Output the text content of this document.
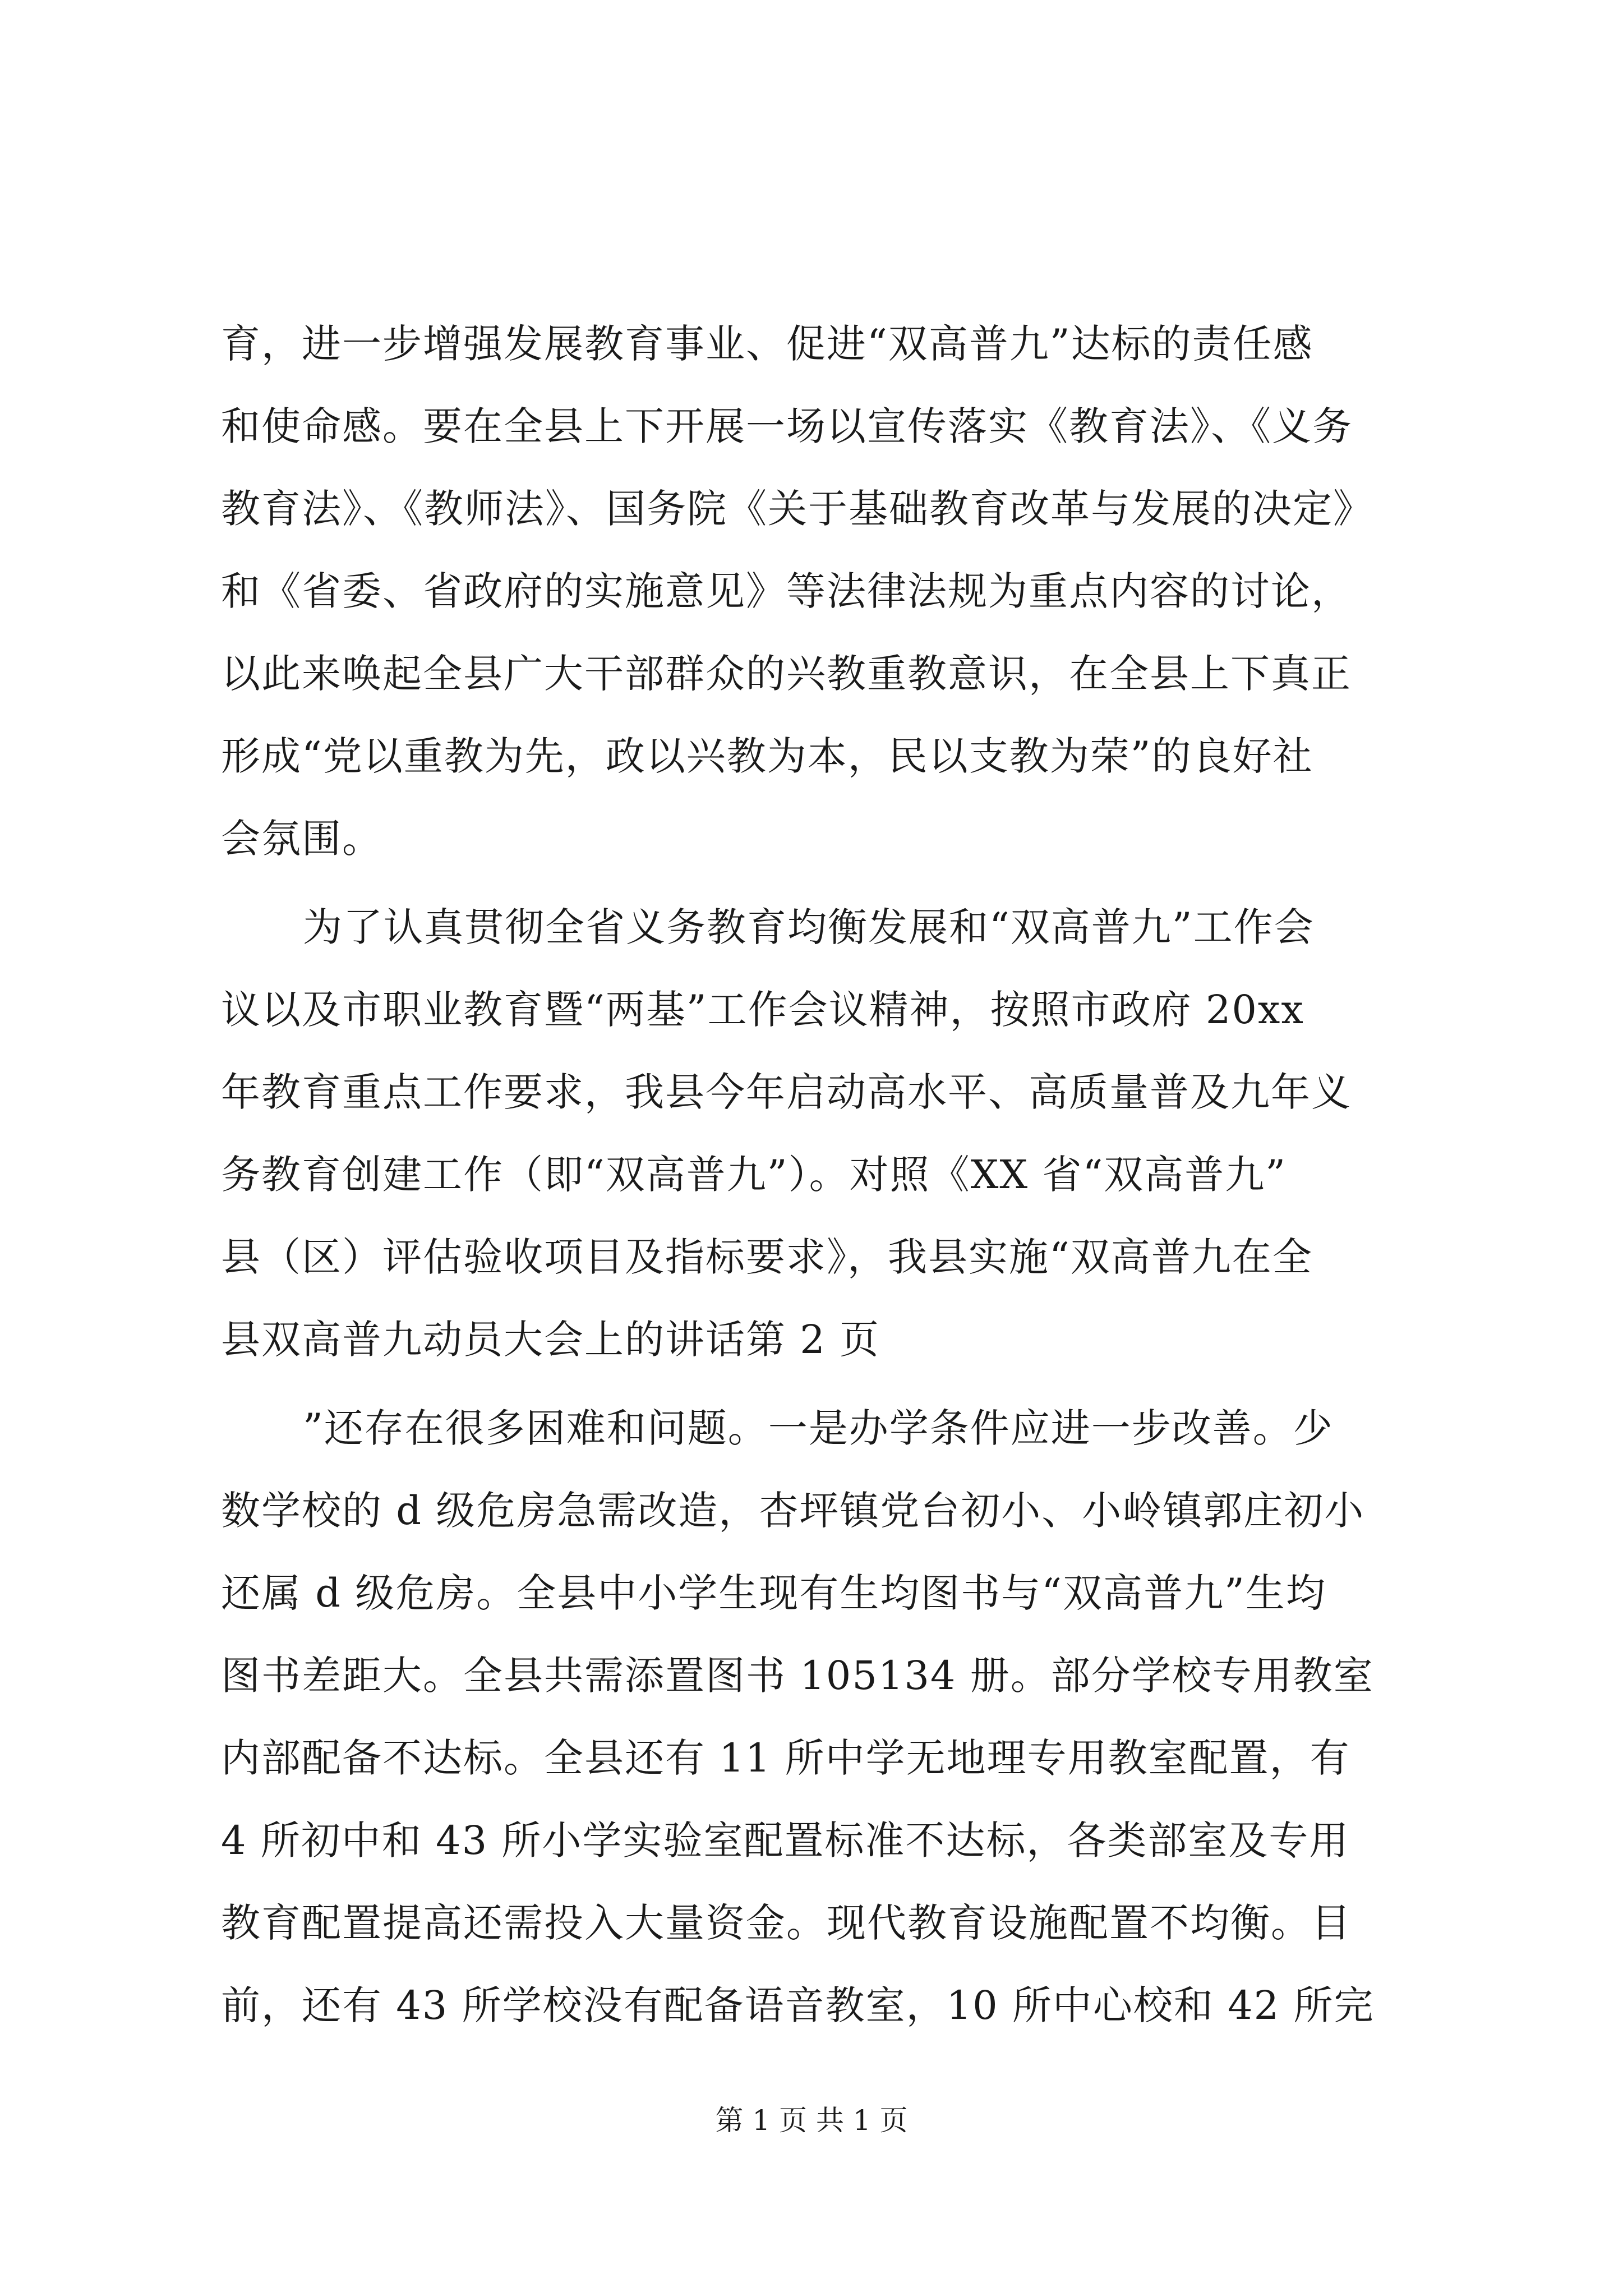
育，进一步增强发展教育事业、促进“双高普九”达标的责任感
和使命感。要在全县上下开展一场以宣传落实《教育法》、《义务
教育法》、《教师法》、国务院《关于基础教育改革与发展的决定》
和《省委、省政府的实施意见》等法律法规为重点内容的讨论，
以此来唤起全县广大干部群众的兴教重教意识，在全县上下真正
形成“党以重教为先，政以兴教为本，民以支教为荣”的良好社
会氛围。
为了认真贯彻全省义务教育均衡发展和“双高普九”工作会
议以及市职业教育暨“两基”工作会议精神，按照市政府 20xx
年教育重点工作要求，我县今年启动高水平、高质量普及九年义
务教育创建工作（即“双高普九”）。对照《XX 省“双高普九”
县（区）评估验收项目及指标要求》，我县实施“双高普九在全
县双高普九动员大会上的讲话第 2 页
”还存在很多困难和问题。一是办学条件应进一步改善。少
数学校的 d 级危房急需改造，杏坪镇党台初小、小岭镇郭庄初小
还属 d 级危房。全县中小学生现有生均图书与“双高普九”生均
图书差距大。全县共需添置图书 105134 册。部分学校专用教室
内部配备不达标。全县还有 11 所中学无地理专用教室配置，有
4 所初中和 43 所小学实验室配置标准不达标，各类部室及专用
教育配置提高还需投入大量资金。现代教育设施配置不均衡。目
前，还有 43 所学校没有配备语音教室，10 所中心校和 42 所完
第 1 页 共 1 页
